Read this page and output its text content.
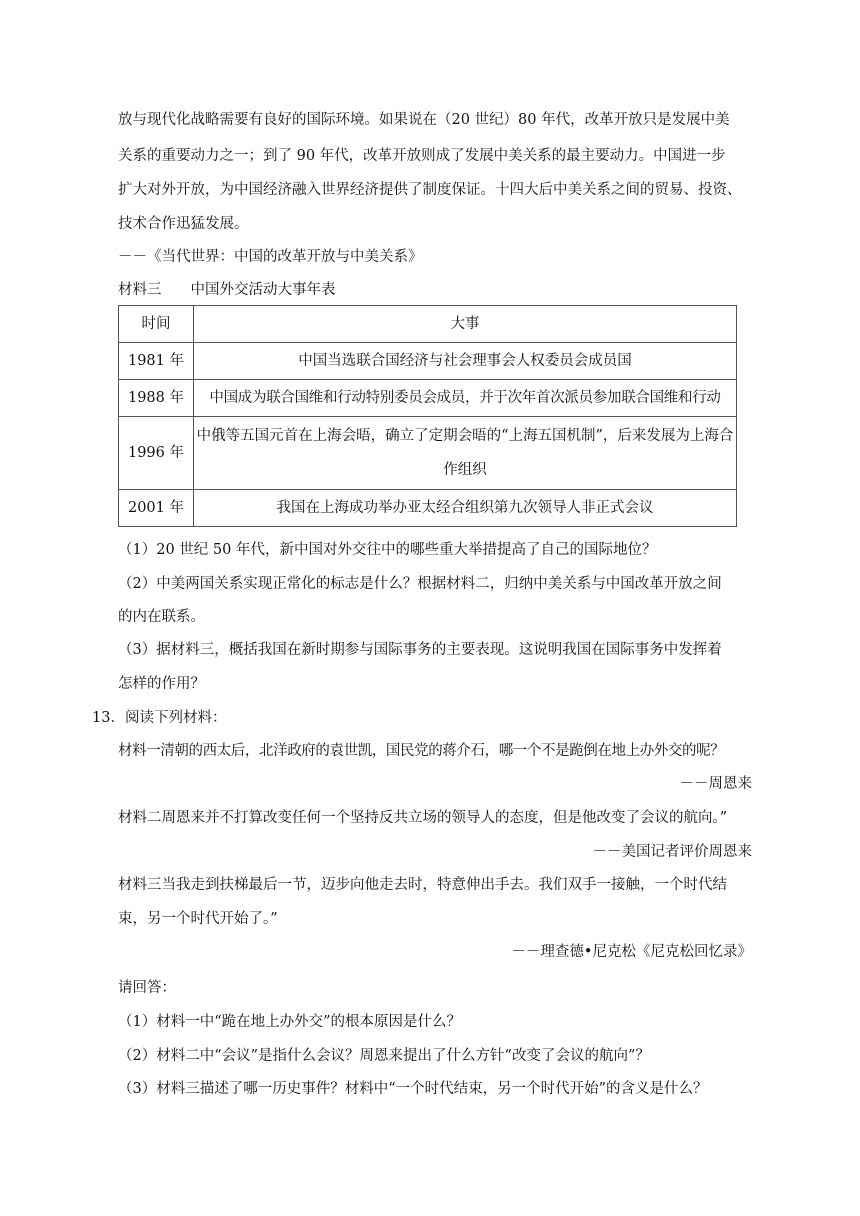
放与现代化战略需要有良好的国际环境。如果说在（20 世纪）80 年代，改革开放只是发展中美
关系的重要动力之一；到了 90 年代，改革开放则成了发展中美关系的最主要动力。中国进一步
扩大对外开放，为中国经济融入世界经济提供了制度保证。十四大后中美关系之间的贸易、投资、
技术合作迅猛发展。
－－《当代世界：中国的改革开放与中美关系》
材料三　　中国外交活动大事年表
时间	大事
1981 年	中国当选联合国经济与社会理事会人权委员会成员国
1988 年	中国成为联合国维和行动特别委员会成员，并于次年首次派员参加联合国维和行动
1996 年	中俄等五国元首在上海会晤，确立了定期会晤的“上海五国机制”，后来发展为上海合作组织
2001 年	我国在上海成功举办亚太经合组织第九次领导人非正式会议
（1）20 世纪 50 年代，新中国对外交往中的哪些重大举措提高了自己的国际地位？
（2）中美两国关系实现正常化的标志是什么？根据材料二，归纳中美关系与中国改革开放之间
的内在联系。
（3）据材料三，概括我国在新时期参与国际事务的主要表现。这说明我国在国际事务中发挥着
怎样的作用？
13．阅读下列材料：
材料一清朝的西太后，北洋政府的袁世凯，国民党的蒋介石，哪一个不是跪倒在地上办外交的呢？
－－周恩来
材料二周恩来并不打算改变任何一个坚持反共立场的领导人的态度，但是他改变了会议的航向。”
－－美国记者评价周恩来
材料三当我走到扶梯最后一节，迈步向他走去时，特意伸出手去。我们双手一接触，一个时代结
束，另一个时代开始了。”
－－理查德•尼克松《尼克松回忆录》
请回答：
（1）材料一中“跪在地上办外交”的根本原因是什么？
（2）材料二中“会议”是指什么会议？周恩来提出了什么方针“改变了会议的航向”？
（3）材料三描述了哪一历史事件？材料中“一个时代结束，另一个时代开始”的含义是什么？
